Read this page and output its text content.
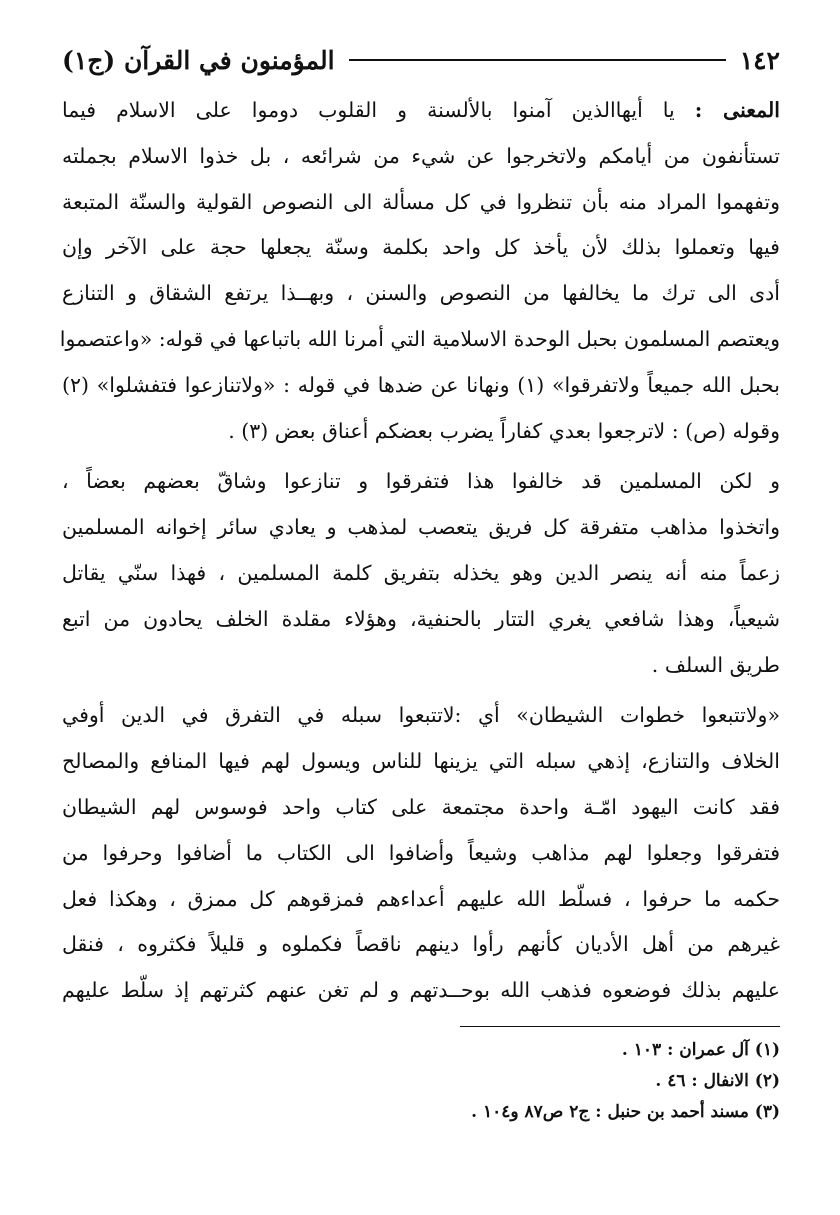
١٤٢
المؤمنون في القرآن (ج١)
المعنى : يا أيهاالذين آمنوا بالألسنة و القلوب دوموا على الاسلام فيما
تستأنفون من أيامكم ولاتخرجوا عن شيء من شرائعه ، بل خذوا الاسلام بجملته
وتفهموا المراد منه بأن تنظروا في كل مسألة الى النصوص القولية والسنّة المتبعة
فيها وتعملوا بذلك لأن يأخذ كل واحد بكلمة وسنّة يجعلها حجة على الآخر وإن
أدى الى ترك ما يخالفها من النصوص والسنن ، وبهــذا يرتفع الشقاق و التنازع
ويعتصم المسلمون بحبل الوحدة الاسلامية التي أمرنا الله باتباعها في قوله: «واعتصموا
بحبل الله جميعاً ولاتفرقوا» (١) ونهانا عن ضدها في قوله : «ولاتنازعوا فتفشلوا» (٢)
وقوله (ص) : لاترجعوا بعدي كفاراً يضرب بعضكم أعناق بعض (٣) .
و لكن المسلمين قد خالفوا هذا فتفرقوا و تنازعوا وشاقّ بعضهم بعضاً ،
واتخذوا مذاهب متفرقة كل فريق يتعصب لمذهب و يعادي سائر إخوانه المسلمين
زعماً منه أنه ينصر الدين وهو يخذله بتفريق كلمة المسلمين ، فهذا سنّي يقاتل
شيعياً، وهذا شافعي يغري التتار بالحنفية، وهؤلاء مقلدة الخلف يحادون من اتبع
طريق السلف .
«ولاتتبعوا خطوات الشيطان» أي :لاتتبعوا سبله في التفرق في الدين أوفي
الخلاف والتنازع، إذهي سبله التي يزينها للناس ويسول لهم فيها المنافع والمصالح
فقد كانت اليهود امّـة واحدة مجتمعة على كتاب واحد فوسوس لهم الشيطان
فتفرقوا وجعلوا لهم مذاهب وشيعاً وأضافوا الى الكتاب ما أضافوا وحرفوا من
حكمه ما حرفوا ، فسلّط الله عليهم أعداءهم فمزقوهم كل ممزق ، وهكذا فعل
غيرهم من أهل الأديان كأنهم رأوا دينهم ناقصاً فكملوه و قليلاً فكثروه ، فنقل
عليهم بذلك فوضعوه فذهب الله بوحــدتهم و لم تغن عنهم كثرتهم إذ سلّط عليهم
(١) آل عمران : ١٠٣ .
(٢) الانفال : ٤٦ .
(٣) مسند أحمد بن حنبل : ج٢ ص٨٧ و١٠٤ .
